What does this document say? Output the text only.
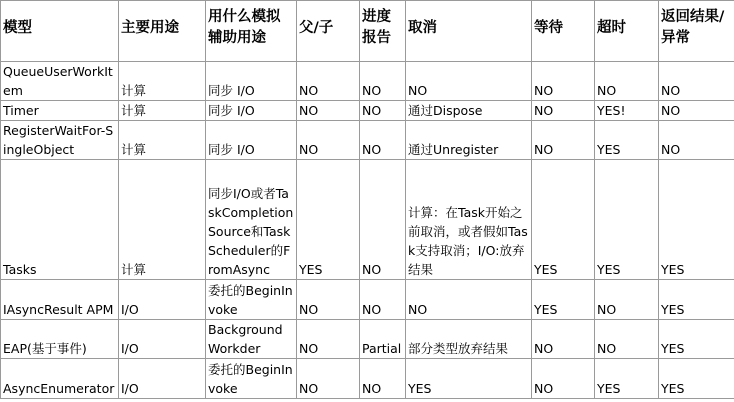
模型	主要用途	用什么模拟辅助用途	父/子	进度报告	取消	等待	超时	返回结果/异常
QueueUserWorkItem	计算	同步 I/O	NO	NO	NO	NO	NO	NO
Timer	计算	同步 I/O	NO	NO	通过Dispose	NO	YES!	NO
RegisterWaitFor-SingleObject	计算	同步 I/O	NO	NO	通过Unregister	NO	YES	NO
Tasks	计算	同步I/O或者TaskCompletionSource和TaskScheduler的FromAsync	YES	NO	计算：在Task开始之前取消，或者假如Task支持取消；I/O:放弃结果	YES	YES	YES
IAsyncResult APM	I/O	委托的BeginInvoke	NO	NO	NO	YES	NO	YES
EAP(基于事件)	I/O	BackgroundWorkder	NO	Partial	部分类型放弃结果	NO	NO	YES
AsyncEnumerator	I/O	委托的BeginInvoke	NO	NO	YES	NO	YES	YES
